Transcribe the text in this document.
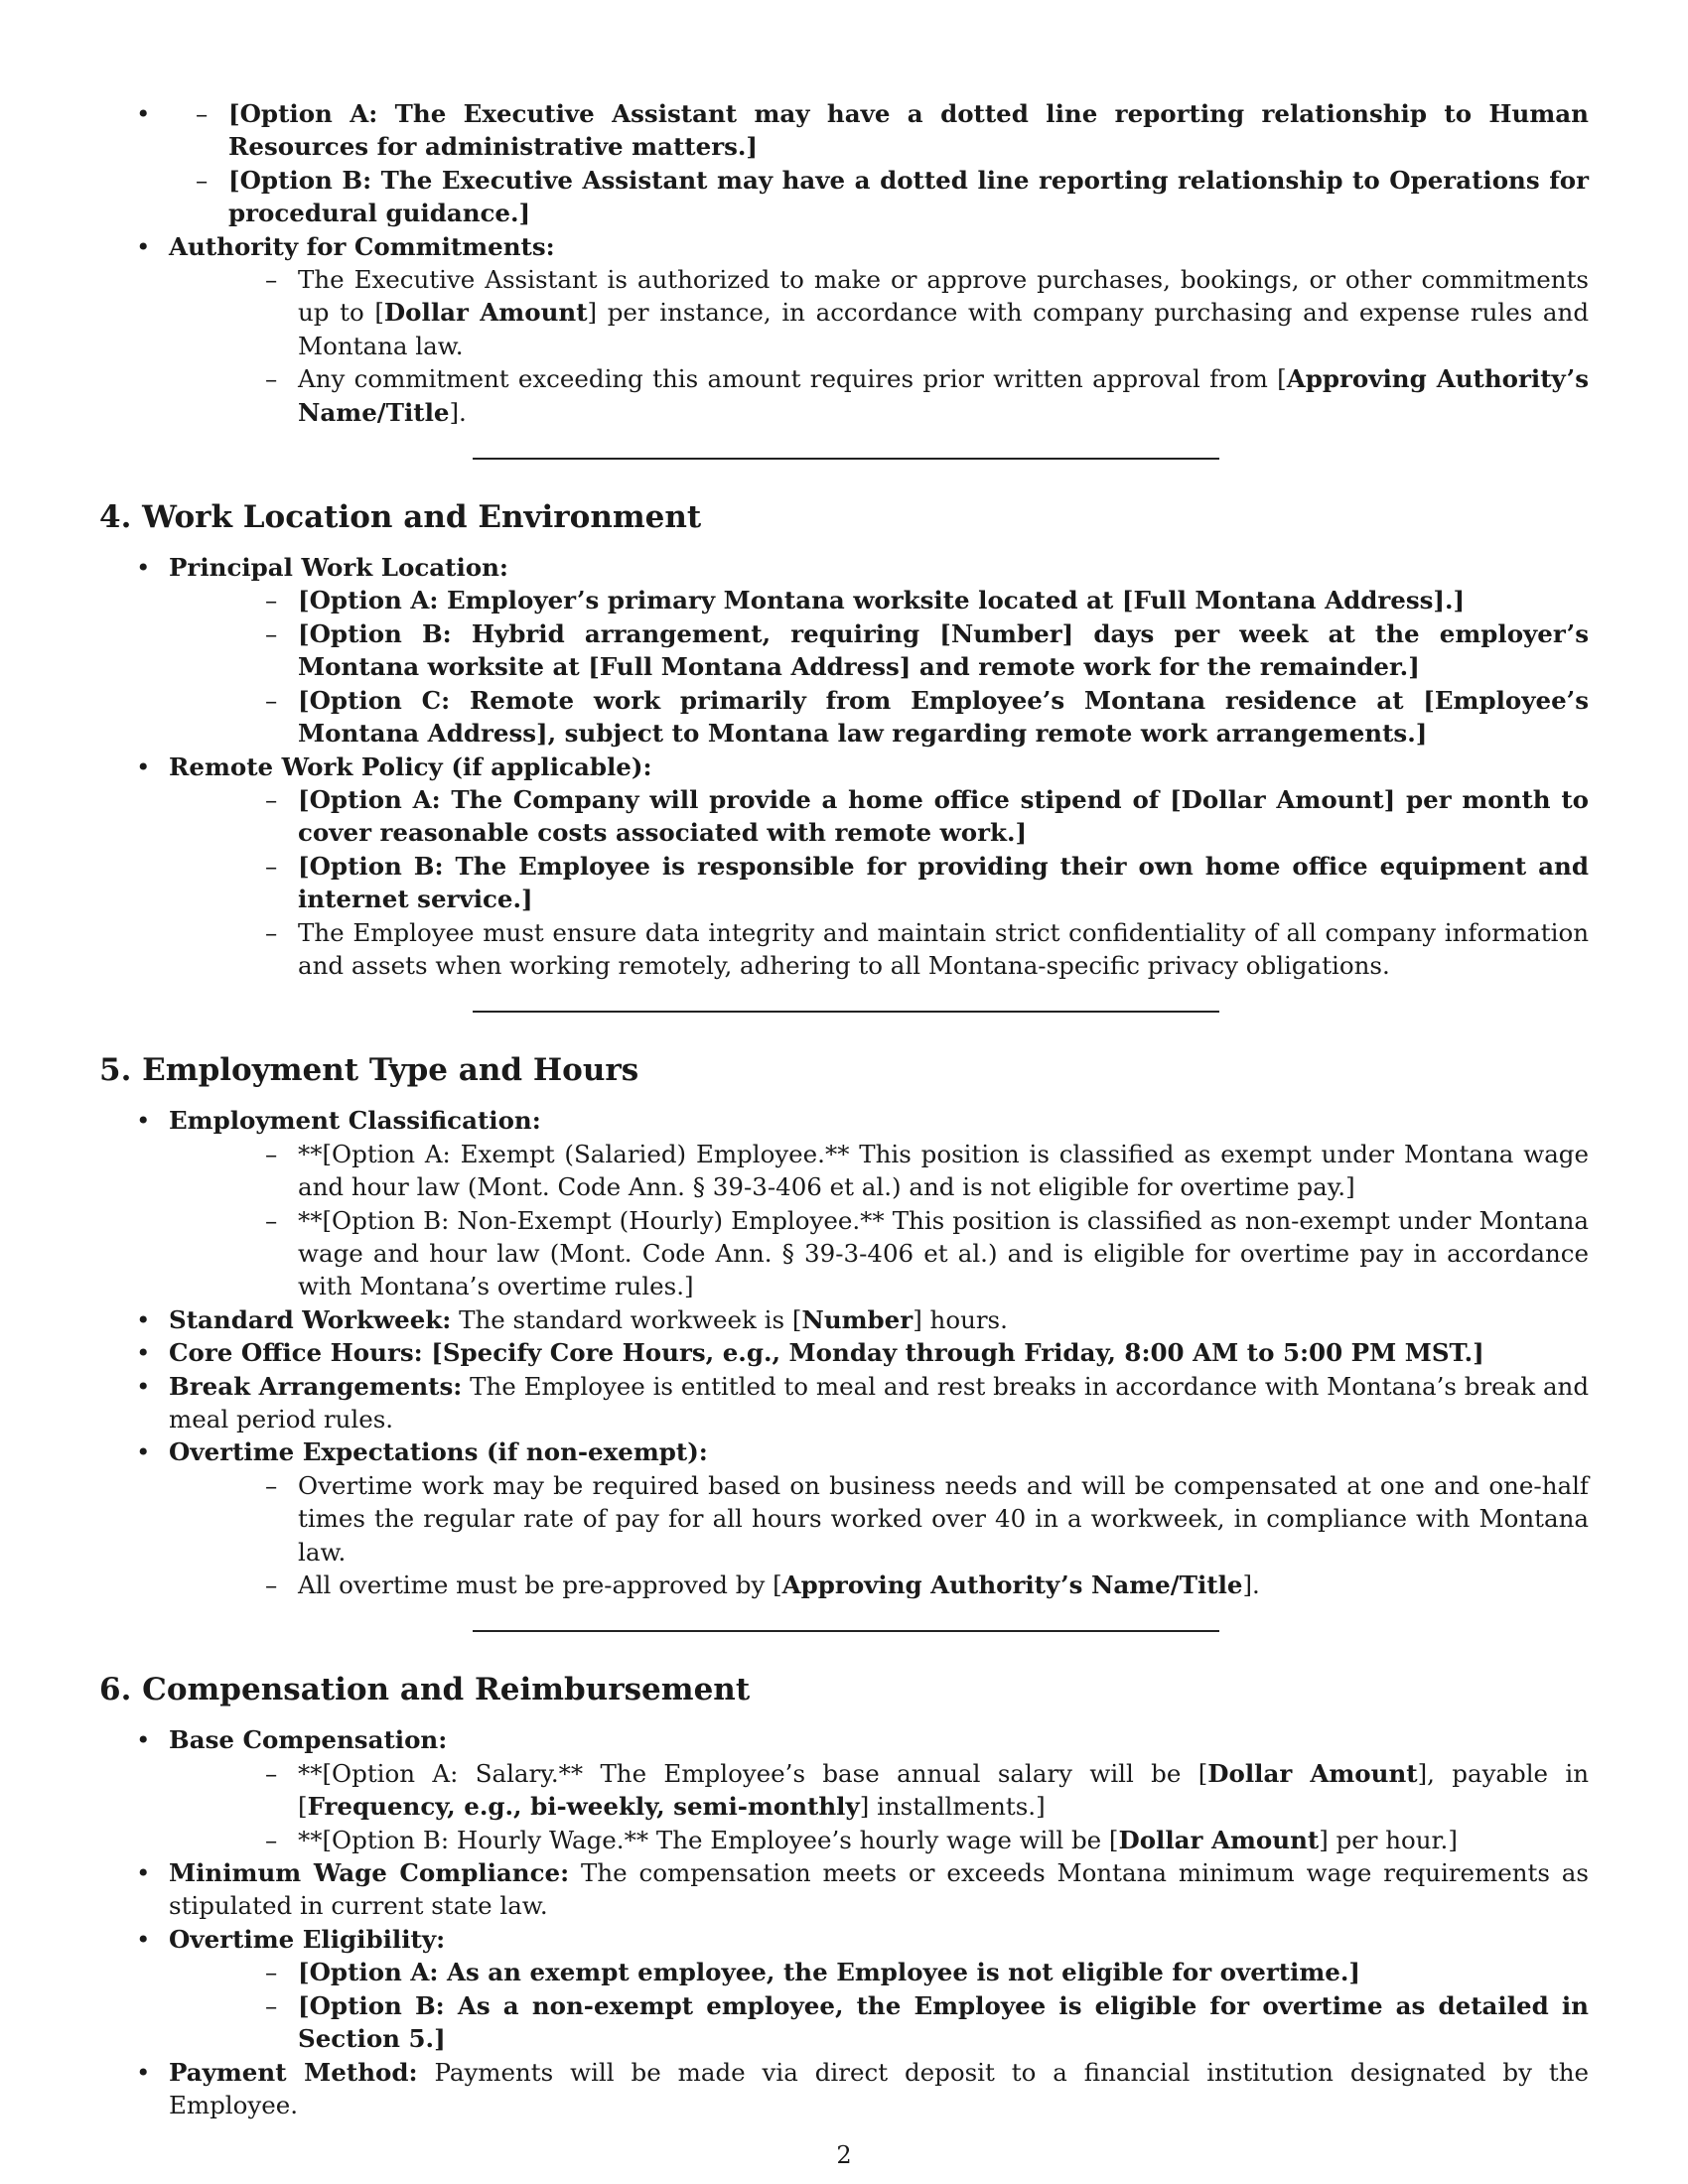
– • [Option A: The Executive Assistant may have a dotted line reporting relationship to Human Resources for administrative matters.]
– [Option B: The Executive Assistant may have a dotted line reporting relationship to Operations for procedural guidance.]
• Authority for Commitments:
– The Executive Assistant is authorized to make or approve purchases, bookings, or other commitments up to [Dollar Amount] per instance, in accordance with company purchasing and expense rules and Montana law.
– Any commitment exceeding this amount requires prior written approval from [Approving Authority’s Name/Title].
4. Work Location and Environment
• Principal Work Location:
– [Option A: Employer’s primary Montana worksite located at [Full Montana Address].]
– [Option B: Hybrid arrangement, requiring [Number] days per week at the employer’s Montana worksite at [Full Montana Address] and remote work for the remainder.]
– [Option C: Remote work primarily from Employee’s Montana residence at [Employee’s Montana Address], subject to Montana law regarding remote work arrangements.]
• Remote Work Policy (if applicable):
– [Option A: The Company will provide a home office stipend of [Dollar Amount] per month to cover reasonable costs associated with remote work.]
– [Option B: The Employee is responsible for providing their own home office equipment and internet service.]
– The Employee must ensure data integrity and maintain strict confidentiality of all company information and assets when working remotely, adhering to all Montana-specific privacy obligations.
5. Employment Type and Hours
• Employment Classification:
– **[Option A: Exempt (Salaried) Employee.** This position is classified as exempt under Montana wage and hour law (Mont. Code Ann. § 39-3-406 et al.) and is not eligible for overtime pay.]
– **[Option B: Non-Exempt (Hourly) Employee.** This position is classified as non-exempt under Montana wage and hour law (Mont. Code Ann. § 39-3-406 et al.) and is eligible for overtime pay in accordance with Montana’s overtime rules.]
• Standard Workweek: The standard workweek is [Number] hours.
• Core Office Hours: [Specify Core Hours, e.g., Monday through Friday, 8:00 AM to 5:00 PM MST.]
• Break Arrangements: The Employee is entitled to meal and rest breaks in accordance with Montana’s break and meal period rules.
• Overtime Expectations (if non-exempt):
– Overtime work may be required based on business needs and will be compensated at one and one-half times the regular rate of pay for all hours worked over 40 in a workweek, in compliance with Montana law.
– All overtime must be pre-approved by [Approving Authority’s Name/Title].
6. Compensation and Reimbursement
• Base Compensation:
– **[Option A: Salary.** The Employee’s base annual salary will be [Dollar Amount], payable in [Frequency, e.g., bi-weekly, semi-monthly] installments.]
– **[Option B: Hourly Wage.** The Employee’s hourly wage will be [Dollar Amount] per hour.]
• Minimum Wage Compliance: The compensation meets or exceeds Montana minimum wage requirements as stipulated in current state law.
• Overtime Eligibility:
– [Option A: As an exempt employee, the Employee is not eligible for overtime.]
– [Option B: As a non-exempt employee, the Employee is eligible for overtime as detailed in Section 5.]
• Payment Method: Payments will be made via direct deposit to a financial institution designated by the Employee.
2
